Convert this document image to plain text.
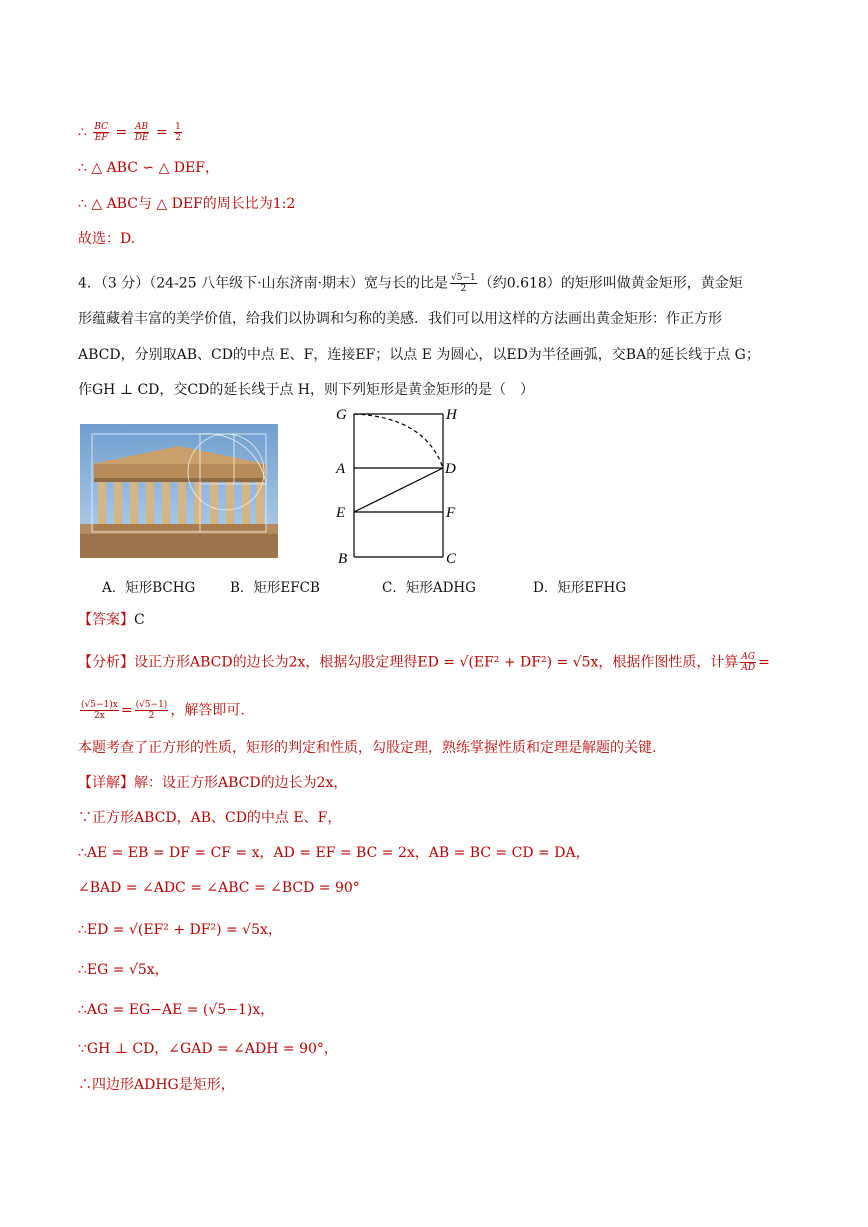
∴ $\frac{BC}{EF} = \frac{AB}{DE} = \frac{1}{2}$
∴ △ ABC ∽ △ DEF，
∴ △ ABC与 △ DEF的周长比为1:2
故选：D.
4．（3 分）（24-25 八年级下·山东济南·期末）宽与长的比是 $\frac{√5-1}{2}$ （约0.618）的矩形叫做黄金矩形，黄金矩
形蕴藏着丰富的美学价值，给我们以协调和匀称的美感．我们可以用这样的方法画出黄金矩形：作正方形
ABCD，分别取AB、CD的中点 E、F，连接EF；以点 E 为圆心，以ED为半径画弧，交BA的延长线于点 G；
作GH ⊥ CD，交CD的延长线于点 H，则下列矩形是黄金矩形的是（　）
G	H
A	D
E	F
B	C
A．矩形BCHG	B．矩形EFCB	C．矩形ADHG	D．矩形EFHG
【答案】C
【分析】设正方形ABCD的边长为2x，根据勾股定理得ED = √(EF² + DF²) = √5x，根据作图性质，计算 $\frac{AG}{AD}$ =
$\frac{(√5-1)x}{2x} = \frac{(√5-1)}{2}$ ，解答即可.
本题考查了正方形的性质，矩形的判定和性质，勾股定理，熟练掌握性质和定理是解题的关键.
【详解】解：设正方形ABCD的边长为2x，
∵正方形ABCD，AB、CD的中点 E、F，
∴AE = EB = DF = CF = x，AD = EF = BC = 2x，AB = BC = CD = DA，
∠BAD = ∠ADC = ∠ABC = ∠BCD = 90°
∴ED = √(EF² + DF²) = √5x，
∴EG = √5x，
∴AG = EG−AE = (√5−1)x，
∵GH ⊥ CD，∠GAD = ∠ADH = 90°，
∴四边形ADHG是矩形，
